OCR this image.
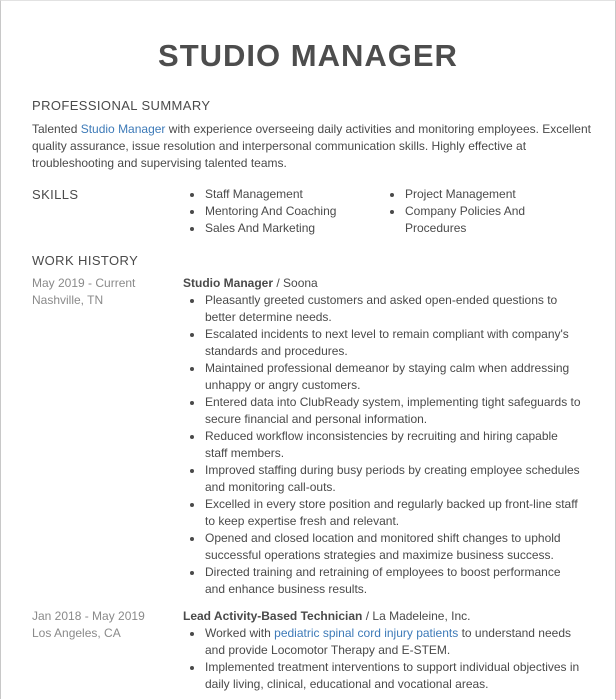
STUDIO MANAGER
PROFESSIONAL SUMMARY

Talented Studio Manager with experience overseeing daily activities and monitoring employees. Excellent quality assurance, issue resolution and interpersonal communication skills. Highly effective at troubleshooting and supervising talented teams.

SKILLS	Staff Management
Mentoring And Coaching
Sales And Marketing
Project Management
Company Policies And Procedures
WORK HISTORY
May 2019 - Current
Nashville, TN
Studio Manager / Soona
Pleasantly greeted customers and asked open-ended questions to better determine needs.
Escalated incidents to next level to remain compliant with company's standards and procedures.
Maintained professional demeanor by staying calm when addressing unhappy or angry customers.
Entered data into ClubReady system, implementing tight safeguards to secure financial and personal information.
Reduced workflow inconsistencies by recruiting and hiring capable staff members.
Improved staffing during busy periods by creating employee schedules and monitoring call-outs.
Excelled in every store position and regularly backed up front-line staff to keep expertise fresh and relevant.
Opened and closed location and monitored shift changes to uphold successful operations strategies and maximize business success.
Directed training and retraining of employees to boost performance and enhance business results.
Jan 2018 - May 2019
Los Angeles, CA
Lead Activity-Based Technician / La Madeleine, Inc.
Worked with pediatric spinal cord injury patients to understand needs and provide Locomotor Therapy and E-STEM.
Implemented treatment interventions to support individual objectives in daily living, clinical, educational and vocational areas.
